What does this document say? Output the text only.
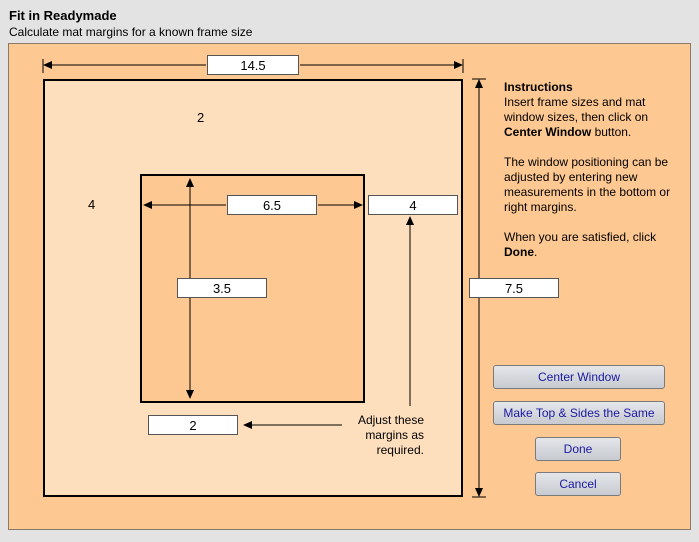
Fit in Readymade
Calculate mat margins for a known frame size
2
4
14.5
7.5
6.5
3.5
4
2
Adjust these margins as required.
Instructions

Insert frame sizes and mat window sizes, then click on Center Window button.

The window positioning can be adjusted by entering new measurements in the bottom or right margins.

When you are satisfied, click Done.

Center Window
Make Top & Sides the Same
Done
Cancel
